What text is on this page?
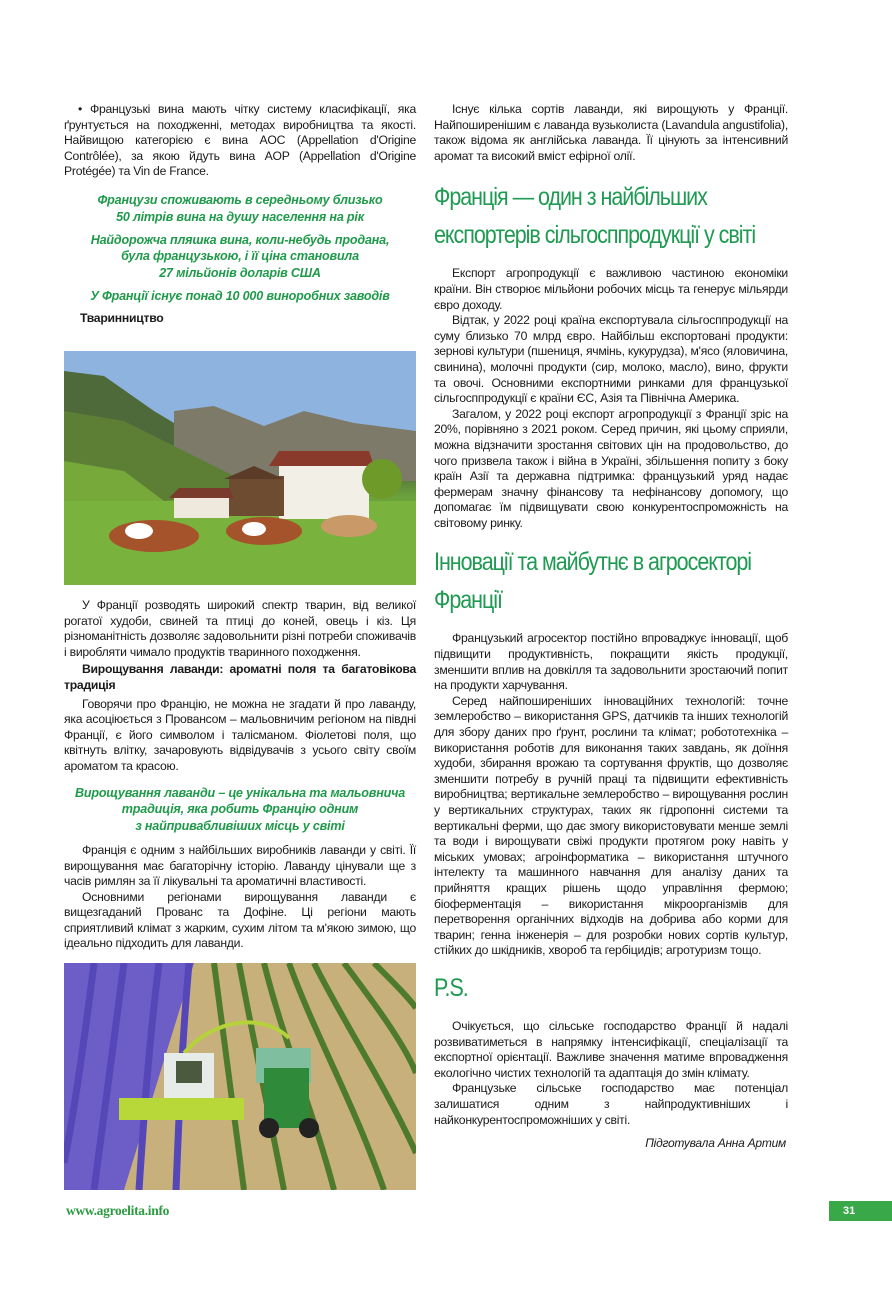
• Французькі вина мають чітку систему класифікації, яка ґрунтується на походженні, методах виробництва та якості. Найвищою категорією є вина AOC (Appellation d'Origine Contrôlée), за якою йдуть вина AOP (Appellation d'Origine Protégée) та Vin de France.

Французи споживають в середньому близько

50 літрів вина на душу населення на рік

Найдорожча пляшка вина, коли-небудь продана,

була французькою, і її ціна становила

27 мільйонів доларів США

У Франції існує понад 10 000 виноробних заводів

Тваринництво

У Франції розводять широкий спектр тварин, від великої рогатої худоби, свиней та птиці до коней, овець і кіз. Ця різноманітність дозволяє задовольнити різні потреби споживачів і виробляти чимало продуктів тваринного походження.

Вирощування лаванди: ароматні поля та багатовікова традиція

Говорячи про Францію, не можна не згадати й про лаванду, яка асоціюється з Провансом – мальовничим регіоном на півдні Франції, є його символом і талісманом. Фіолетові поля, що квітнуть влітку, зачаровують відвідувачів з усього світу своїм ароматом та красою.

Вирощування лаванди – це унікальна та мальовнича

традиція, яка робить Францію одним

з найпривабливіших місць у світі

Франція є одним з найбільших виробників лаванди у світі. Її вирощування має багаторічну історію. Лаванду цінували ще з часів римлян за її лікувальні та ароматичні властивості.

Основними регіонами вирощування лаванди є вищезгаданий Прованс та Дофіне. Ці регіони мають сприятливий клімат з жарким, сухим літом та м'якою зимою, що ідеально підходить для лаванди.

Існує кілька сортів лаванди, які вирощують у Франції. Найпоширенішим є лаванда вузьколиста (Lavandula angustifolia), також відома як англійська лаванда. Її цінують за інтенсивний аромат та високий вміст ефірної олії.

Франція — один з найбільших
експортерів сільгосппродукції у світі

Експорт агропродукції є важливою частиною економіки країни. Він створює мільйони робочих місць та генерує мільярди євро доходу.

Відтак, у 2022 році країна експортувала сільгосппродукції на суму близько 70 млрд євро. Найбільш експортовані продукти: зернові культури (пшениця, ячмінь, кукурудза), м'ясо (яловичина, свинина), молочні продукти (сир, молоко, масло), вино, фрукти та овочі. Основними експортними ринками для французької сільгосппродукції є країни ЄС, Азія та Північна Америка.

Загалом, у 2022 році експорт агропродукції з Франції зріс на 20%, порівняно з 2021 роком. Серед причин, які цьому сприяли, можна відзначити зростання світових цін на продовольство, до чого призвела також і війна в Україні, збільшення попиту з боку країн Азії та державна підтримка: французький уряд надає фермерам значну фінансову та нефінансову допомогу, що допомагає їм підвищувати свою конкурентоспроможність на світовому ринку.

Інновації та майбутнє в агросекторі
Франції

Французький агросектор постійно впроваджує інновації, щоб підвищити продуктивність, покращити якість продукції, зменшити вплив на довкілля та задовольнити зростаючий попит на продукти харчування.

Серед найпоширеніших інноваційних технологій: точне землеробство – використання GPS, датчиків та інших технологій для збору даних про ґрунт, рослини та клімат; робототехніка –використання роботів для виконання таких завдань, як доїння худоби, збирання врожаю та сортування фруктів, що дозволяє зменшити потребу в ручній праці та підвищити ефективність виробництва; вертикальне землеробство – вирощування рослин у вертикальних структурах, таких як гідропонні системи та вертикальні ферми, що дає змогу використовувати менше землі та води і вирощувати свіжі продукти протягом року навіть у міських умовах; агроінформатика – використання штучного інтелекту та машинного навчання для аналізу даних та прийняття кращих рішень щодо управління фермою; біоферментація – використання мікроорганізмів для перетворення органічних відходів на добрива або корми для тварин; генна інженерія – для розробки нових сортів культур, стійких до шкідників, хвороб та гербіцидів; агротуризм тощо.

P.S.

Очікується, що сільське господарство Франції й надалі розвиватиметься в напрямку інтенсифікації, спеціалізації та експортної орієнтації. Важливе значення матиме впровадження екологічно чистих технологій та адаптація до змін клімату.

Французьке сільське господарство має потенціал залишатися одним з найпродуктивніших і найконкурентоспроможніших у світі.

Підготувала Анна Артим

www.agroelita.info	31
